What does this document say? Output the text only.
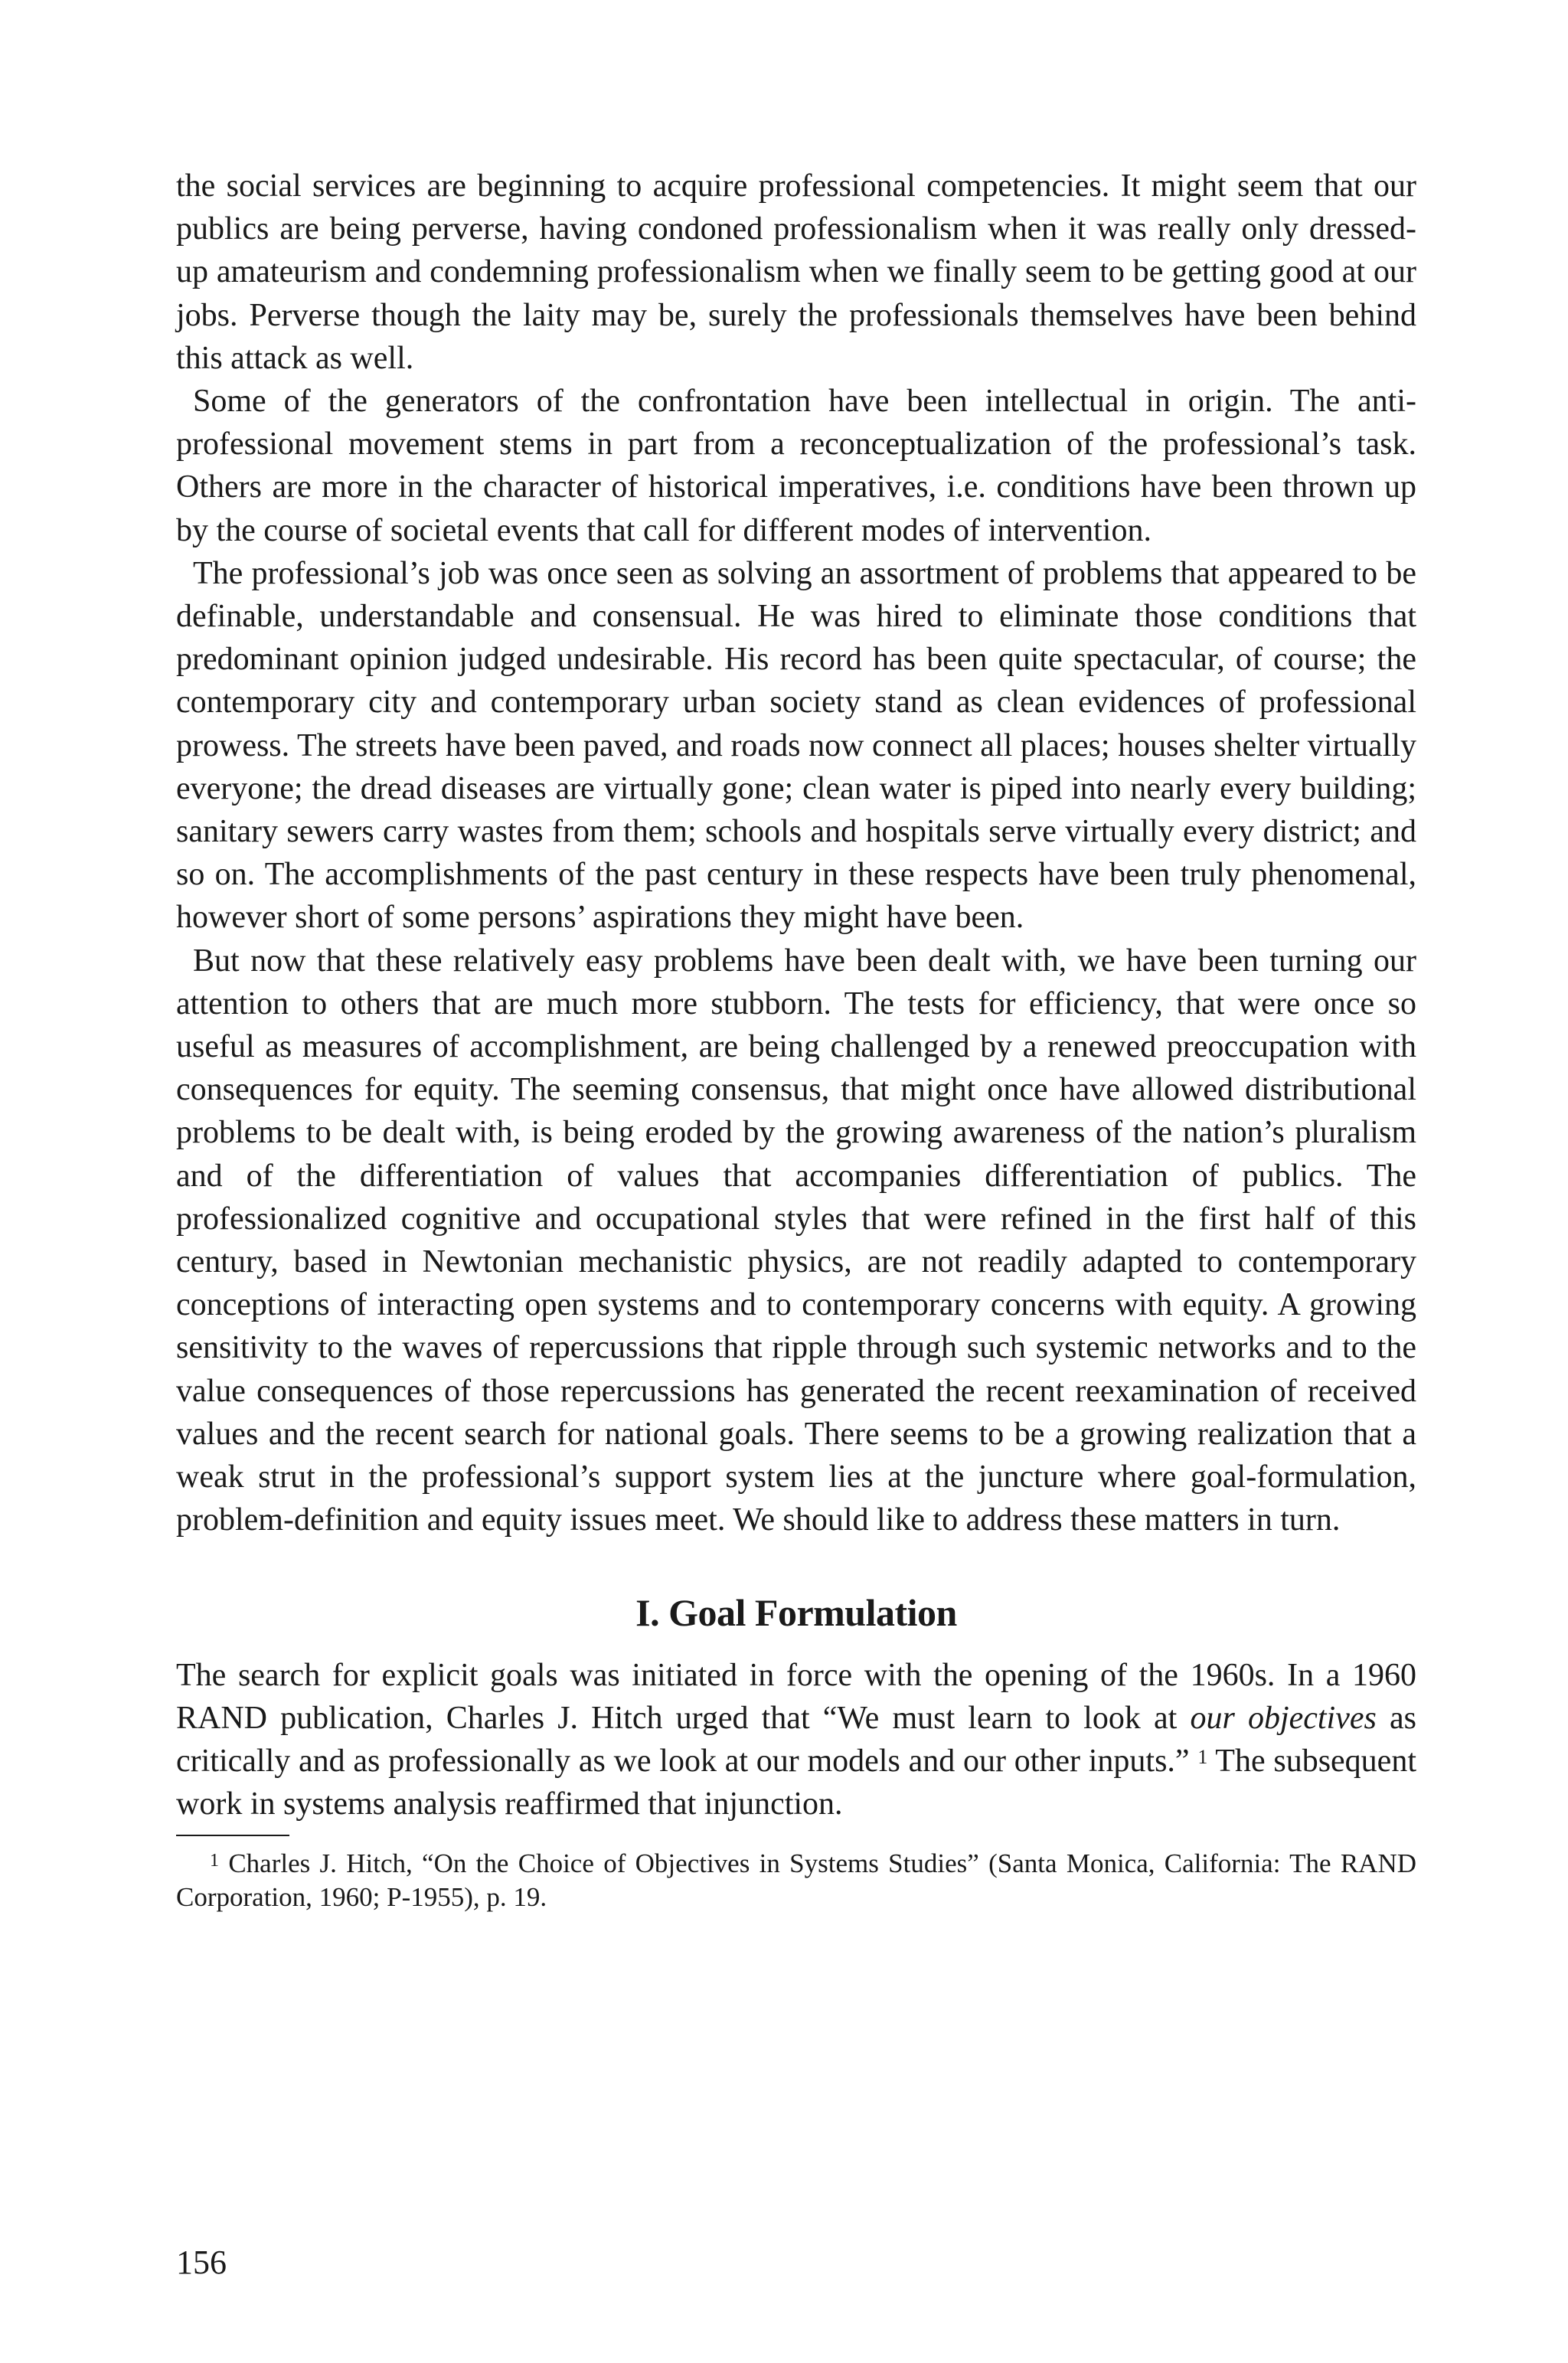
the social services are beginning to acquire professional competencies. It might seem that our publics are being perverse, having condoned professionalism when it was really only dressed-up amateurism and condemning professionalism when we finally seem to be getting good at our jobs. Perverse though the laity may be, surely the professionals themselves have been behind this attack as well.

Some of the generators of the confrontation have been intellectual in origin. The anti-professional movement stems in part from a reconceptualization of the professional’s task. Others are more in the character of historical imperatives, i.e. conditions have been thrown up by the course of societal events that call for different modes of intervention.

The professional’s job was once seen as solving an assortment of problems that appeared to be definable, understandable and consensual. He was hired to eliminate those conditions that predominant opinion judged undesirable. His record has been quite spectacular, of course; the contemporary city and contemporary urban society stand as clean evidences of professional prowess. The streets have been paved, and roads now connect all places; houses shelter virtually everyone; the dread diseases are virtually gone; clean water is piped into nearly every building; sanitary sewers carry wastes from them; schools and hospitals serve virtually every district; and so on. The accomplishments of the past century in these respects have been truly phenomenal, however short of some persons’ aspirations they might have been.

But now that these relatively easy problems have been dealt with, we have been turning our attention to others that are much more stubborn. The tests for efficiency, that were once so useful as measures of accomplishment, are being challenged by a renewed preoccupation with consequences for equity. The seeming consensus, that might once have allowed distributional problems to be dealt with, is being eroded by the growing awareness of the nation’s pluralism and of the differentiation of values that accompanies differentiation of publics. The professionalized cognitive and occupational styles that were refined in the first half of this century, based in Newtonian mechanistic physics, are not readily adapted to contemporary conceptions of interacting open systems and to contemporary concerns with equity. A growing sensitivity to the waves of repercussions that ripple through such systemic networks and to the value consequences of those repercussions has generated the recent reexamination of received values and the recent search for national goals. There seems to be a growing realization that a weak strut in the professional’s support system lies at the juncture where goal-formulation, problem-definition and equity issues meet. We should like to address these matters in turn.

I. Goal Formulation

The search for explicit goals was initiated in force with the opening of the 1960s. In a 1960 RAND publication, Charles J. Hitch urged that “We must learn to look at our objectives as critically and as professionally as we look at our models and our other inputs.” $^1$ The subsequent work in systems analysis reaffirmed that injunction.

$^1$ Charles J. Hitch, “On the Choice of Objectives in Systems Studies” (Santa Monica, California: The RAND Corporation, 1960; P-1955), p. 19.

156
